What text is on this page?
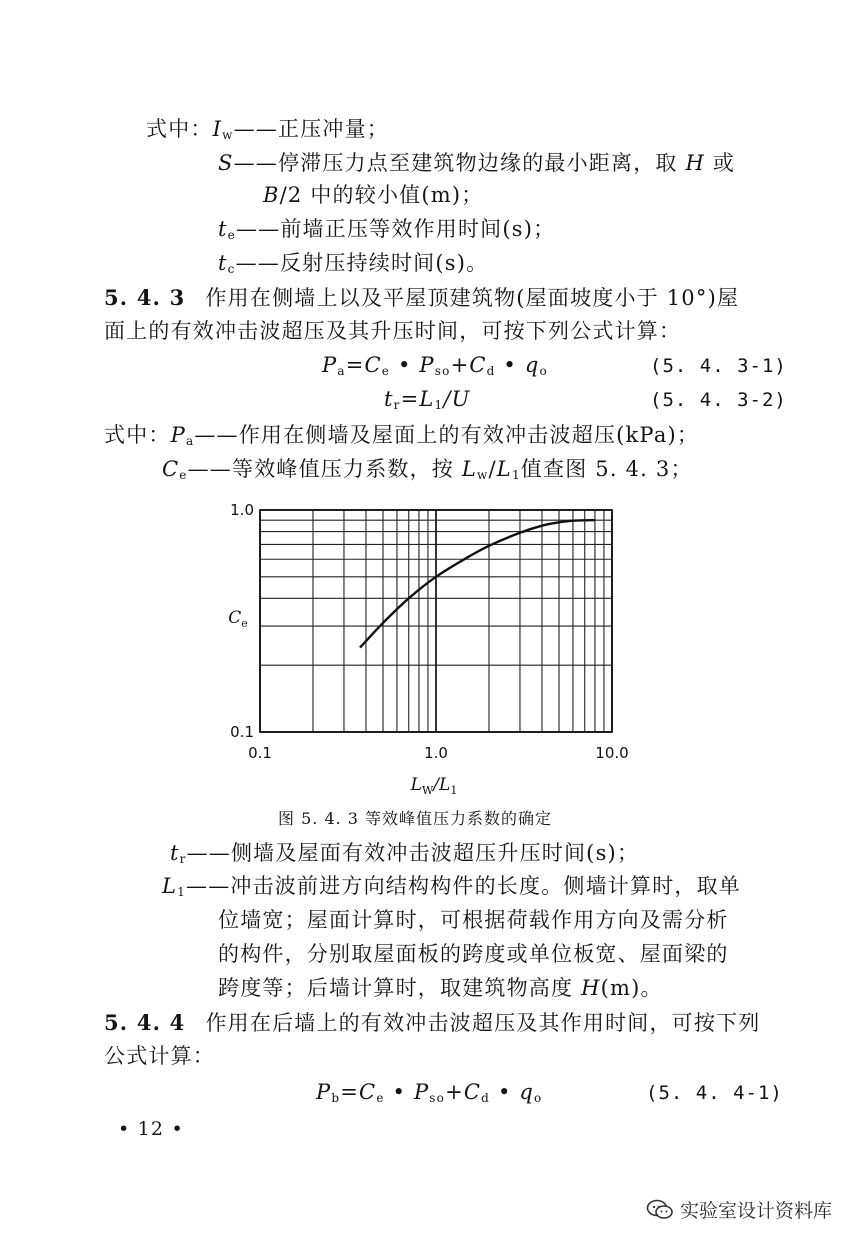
式中：$I_w——$正压冲量；
S——停滞压力点至建筑物边缘的最小距离，取 H 或
B/2 中的较小值(m)；
$t_e——$前墙正压等效作用时间(s)；
$t_c——$反射压持续时间(s)。
5. 4. 3 作用在侧墙上以及平屋顶建筑物(屋面坡度小于 10°)屋
面上的有效冲击波超压及其升压时间，可按下列公式计算：
$P_a=C_e$ • $P_{so}+C_d$ • $q_o$	(5. 4. 3-1)
$t_r=L_1/U$	(5. 4. 3-2)
式中：$P_a——$作用在侧墙及屋面上的有效冲击波超压(kPa)；
$C_e——$等效峰值压力系数，按 $L_w/L_1$值查图 5. 4. 3；
0.1	1.0	10.0
0.1
1.0
$C_e$
$L_W/L_1$
图 5. 4. 3 等效峰值压力系数的确定
$t_r——$侧墙及屋面有效冲击波超压升压时间(s)；
$L_1——$冲击波前进方向结构构件的长度。侧墙计算时，取单
位墙宽；屋面计算时，可根据荷载作用方向及需分析
的构件，分别取屋面板的跨度或单位板宽、屋面梁的
跨度等；后墙计算时，取建筑物高度 H(m)。
5. 4. 4 作用在后墙上的有效冲击波超压及其作用时间，可按下列
公式计算：
$P_b=C_e$ • $P_{so}+C_d$ • $q_o$	(5. 4. 4-1)
• 12 •
实验室设计资料库
